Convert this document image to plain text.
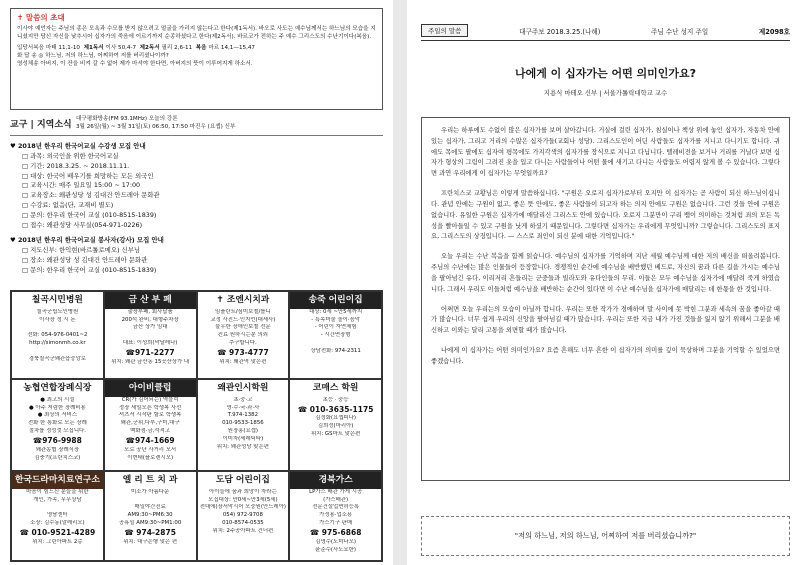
✝ 말씀의 초대
이사야 예언자는 주님의 종은 모욕과 수모를 받지 않으려고 얼굴을 가리지 않는다고 한다(제1독서). 바오로 사도는 예수님께서는 하느님의 모습을 지니셨지만 당신 자신을 낮추시어 십자가의 죽음에 이르기까지 순종하셨다고 한다(제2독서). 바르코가 전하는 주 예수 그리스도의 수난기이다(복음).
입당서복음 마태 11,1-10 제1독서 이사 50,4-7 제2독서 필리 2,6-11 복음 마르 14,1—15,47
화 답 송 ◎ 하느님, 저의 하느님, 어찌하여 저를 버리셨나이까?
영성체송 아버지, 이 잔을 비켜 갈 수 없어 제가 마셔야 한다면, 아버지의 뜻이 이루어지게 하소서.
교구 | 지역소식
대구평화방송(FM 93.1MHz) 오늘의 강론
3월 26일(월) ~ 3월 31일(토) 06:50, 17:50 마진우 (요셉) 신부
♥ 2018년 한우리 한국어교실 수강생 모집 안내
□ 과목: 외국인을 위한 한국어교실
□ 기간: 2018.3.25. ~ 2018.11.11.
□ 대상: 한국어 배우기를 희망하는 모든 외국인
□ 교육시간: 매주 일요일 15:00 ~ 17:00
□ 교육장소: 왜관성당 성 김대건 안드레아 문화관
□ 수강료: 없음(단, 교재비 별도)
□ 문의: 한우리 한국어 교실 (010-8515-1839)
□ 접수: 왜관성당 사무실(054-971-0226)
♥ 2018년 한우리 한국어교실 봉사자(강사) 모집 안내
□ 지도신부: 한익현(바르톨로메오) 신부님
□ 장소: 왜관성당 성 김대건 안드레아 문화관
□ 문의: 한우리 한국어 교실 (010-8515-1839)
칠곡시민병원
칠곡군립노인병원
이사장 정 시 돈

전화: 054-976-0401~2
http://simonmh.co.kr

경북칠곡군왜관읍중앙로
금 산 부 페
출장부페, 회사납품
200석 완비, 대형주차장
금산 상가 임대

대표: 이성희(막달레나)
☎971-2277
위치: 왜관 금산동 15곳산상가 내
✝ 조엔시치과
임플란트/심미보철/틀니
교정 사진드·인지언(대세사)
불우한 장애인보철 전문
진료 원하시는분 의뢰
추구합니다.
☎ 973-4777
위치: 왜관역 맞은편
송죽 어린이집
대상: 0세 ~만5세까지
- 특목미술 놀이·음악
- 어린이 자연체험
- 시간연장형

상담전화: 974-2311
농협연합장례식장
● 최고의 시설
● 아주 저렴한 장례비용
● 최상의 서비스
전화 한 통화로 모든 장례
절차를 정성껏 모십니다.
☎976-9988
왜관농협 장례식장
김충기(프란치스코)
아이비클럽
CR(가 김어되는) 역블럭
정장 세일오픈 학생복 사선
셔츠서 시작판 할로 학생복
왜관,군위,다부,구미,대구
백화점·금,석적고
☎974-1669
모로 공단 사거리 모서
이현태(플로렌시오)
왜관인시학원
초·중·고
영·수·국·과·사
T.974-1382
010-9533-1856
원장홍(요셉)
이미자(세레틱타)
위치: 왜관성당 맞은편
코매스 학원
초등 · 중등
☎ 010-3635-1175
김정화(요셉피나)
김희정(마리아)
위치: GS마트 맞은편
한국드라마치료연구소
마음이 힘드신 분들을 위한
개인, 가족, 무무상담

영남센터
소장: 김수동(알레리오)
☎ 010-9521-4289
위치: 그린아파트 2층
엘 리 트 치 과
미소가 아름다운

매일야간진료
AM9:30~PM6:30
공휴일 AM9:30~PM1:00
☎ 974-2875
위치: 대구은행 맞은 편
도담 어린이집
아이들에 꿈과 희망이 자라는
모집대상: 만0세~만3세(5세)
전대에(장서막시어 오중원(안드레아)
054) 972-9708
010-8574-0535
위치: 2주공아파트 건너편
경북가스
LP가스 배관 가게 시공
(가스배관)
전문건설업면허등록
가정용·업소용
가스기구 판매
☎ 975-6868
김영수(도미나오)
윤준수(사도요한)
주일의 말씀	대구주보 2018.3.25.(나해)	주님 수난 성지 주일	제2098호
나에게 이 십자가는 어떤 의미인가요?
지용식 마테오 신부 | 서울가톨릭대학교 교수

우리는 하루에도 수없이 많은 십자가를 보며 살아갑니다. 거실에 걸린 십자가, 침실이나 책상 위에 놓인 십자가, 자동차 안에 있는 십자가, 그리고 거리의 수많은 십자가들(교회나 성당). 그리스도인이 어딘 사람들도 십자가를 지니고 다니기도 합니다. 귀에도 목에도 팔에도 십자여 평목에도 가지각색의 십자가를 장식으로 지니고 다닙니다. 텔레비전을 보거나 거리를 거닐다 보면 십자가 형상의 그림이 그려진 옷을 입고 다니는 사람들이나 어떤 물에 새기고 다니는 사람들도 어렵지 않게 볼 수 있습니다. 그렇다면 과연 우리에게 이 십자가는 무엇일까요?

프란치스코 교황님은 이렇게 말씀하십니다. "구원은 오로지 십자가로부터 오지만 이 십자가는 곧 사람이 되신 하느님이십니다. 관념 안에는 구원이 없고, 좋은 뜻 안에도, 좋은 사람들이 되고자 하는 의지 안에도 구원은 없습니다. 그런 것들 안에 구원은 없습니다. 유일한 구원은 십자가에 매달리신 그리스도 안에 있습니다. 오로지 그분만이 구리 뱀이 의미하는 것처럼 죄의 모든 독성을 빨아들일 수 있고 구원을 낫게 하셨기 때문입니다. 그렇다면 십자가는 우리에게 무엇입니까? 그렇습니다. 그리스도의 표지요, 그리스도의 상징입니다. — 스스로 죄인이 되신 분에 대한 기억입니다."

오늘 우리는 수난 복음을 함께 읽습니다. 예수님의 십자가를 기억하며 지난 세월 예수님께 대한 저의 배신을 떠올려봅니다. 주님의 수난에는 많은 인물들이 등장합니다. 경쟁적인 순간에 예수님을 배반했던 베드로, 자신의 꿈과 다른 길을 가시는 예수님을 팔아넘긴 유다, 이리저리 흔들리는 군중들과 빌라도와 유다인들의 무리. 이들은 모두 예수님을 십자가에 매달려 죽게 하였습니다. 그래서 우리도 이들처럼 예수님을 배반하는 순간이 있다면 이 수난 예수님을 십자가에 매달리는 데 한몫을 한 것입니다.

어쩌면 오늘 우리는의 모습이 아닐까 합니다. 우리는 또한 작가가 경애하며 말 사이에 못 박힌 그분과 세속의 꿈을 좋아갈 때가 많습니다. 너무 쉽게 우리의 신앙을 팔아넘길 때가 많습니다. 우리는 또한 지금 내가 가진 것들을 잃지 않기 위해서 그분을 배신하고 이와는 달리 고통을 외면할 때가 많습니다.

나에게 이 십자가는 어떤 의미인가요? 요즘 흔해도 너무 흔한 이 십자가의 의미를 깊이 묵상하며 그분을 기억할 수 있었으면 좋겠습니다.

"저의 하느님, 저의 하느님, 어찌하여 저를 버리셨습니까?"
